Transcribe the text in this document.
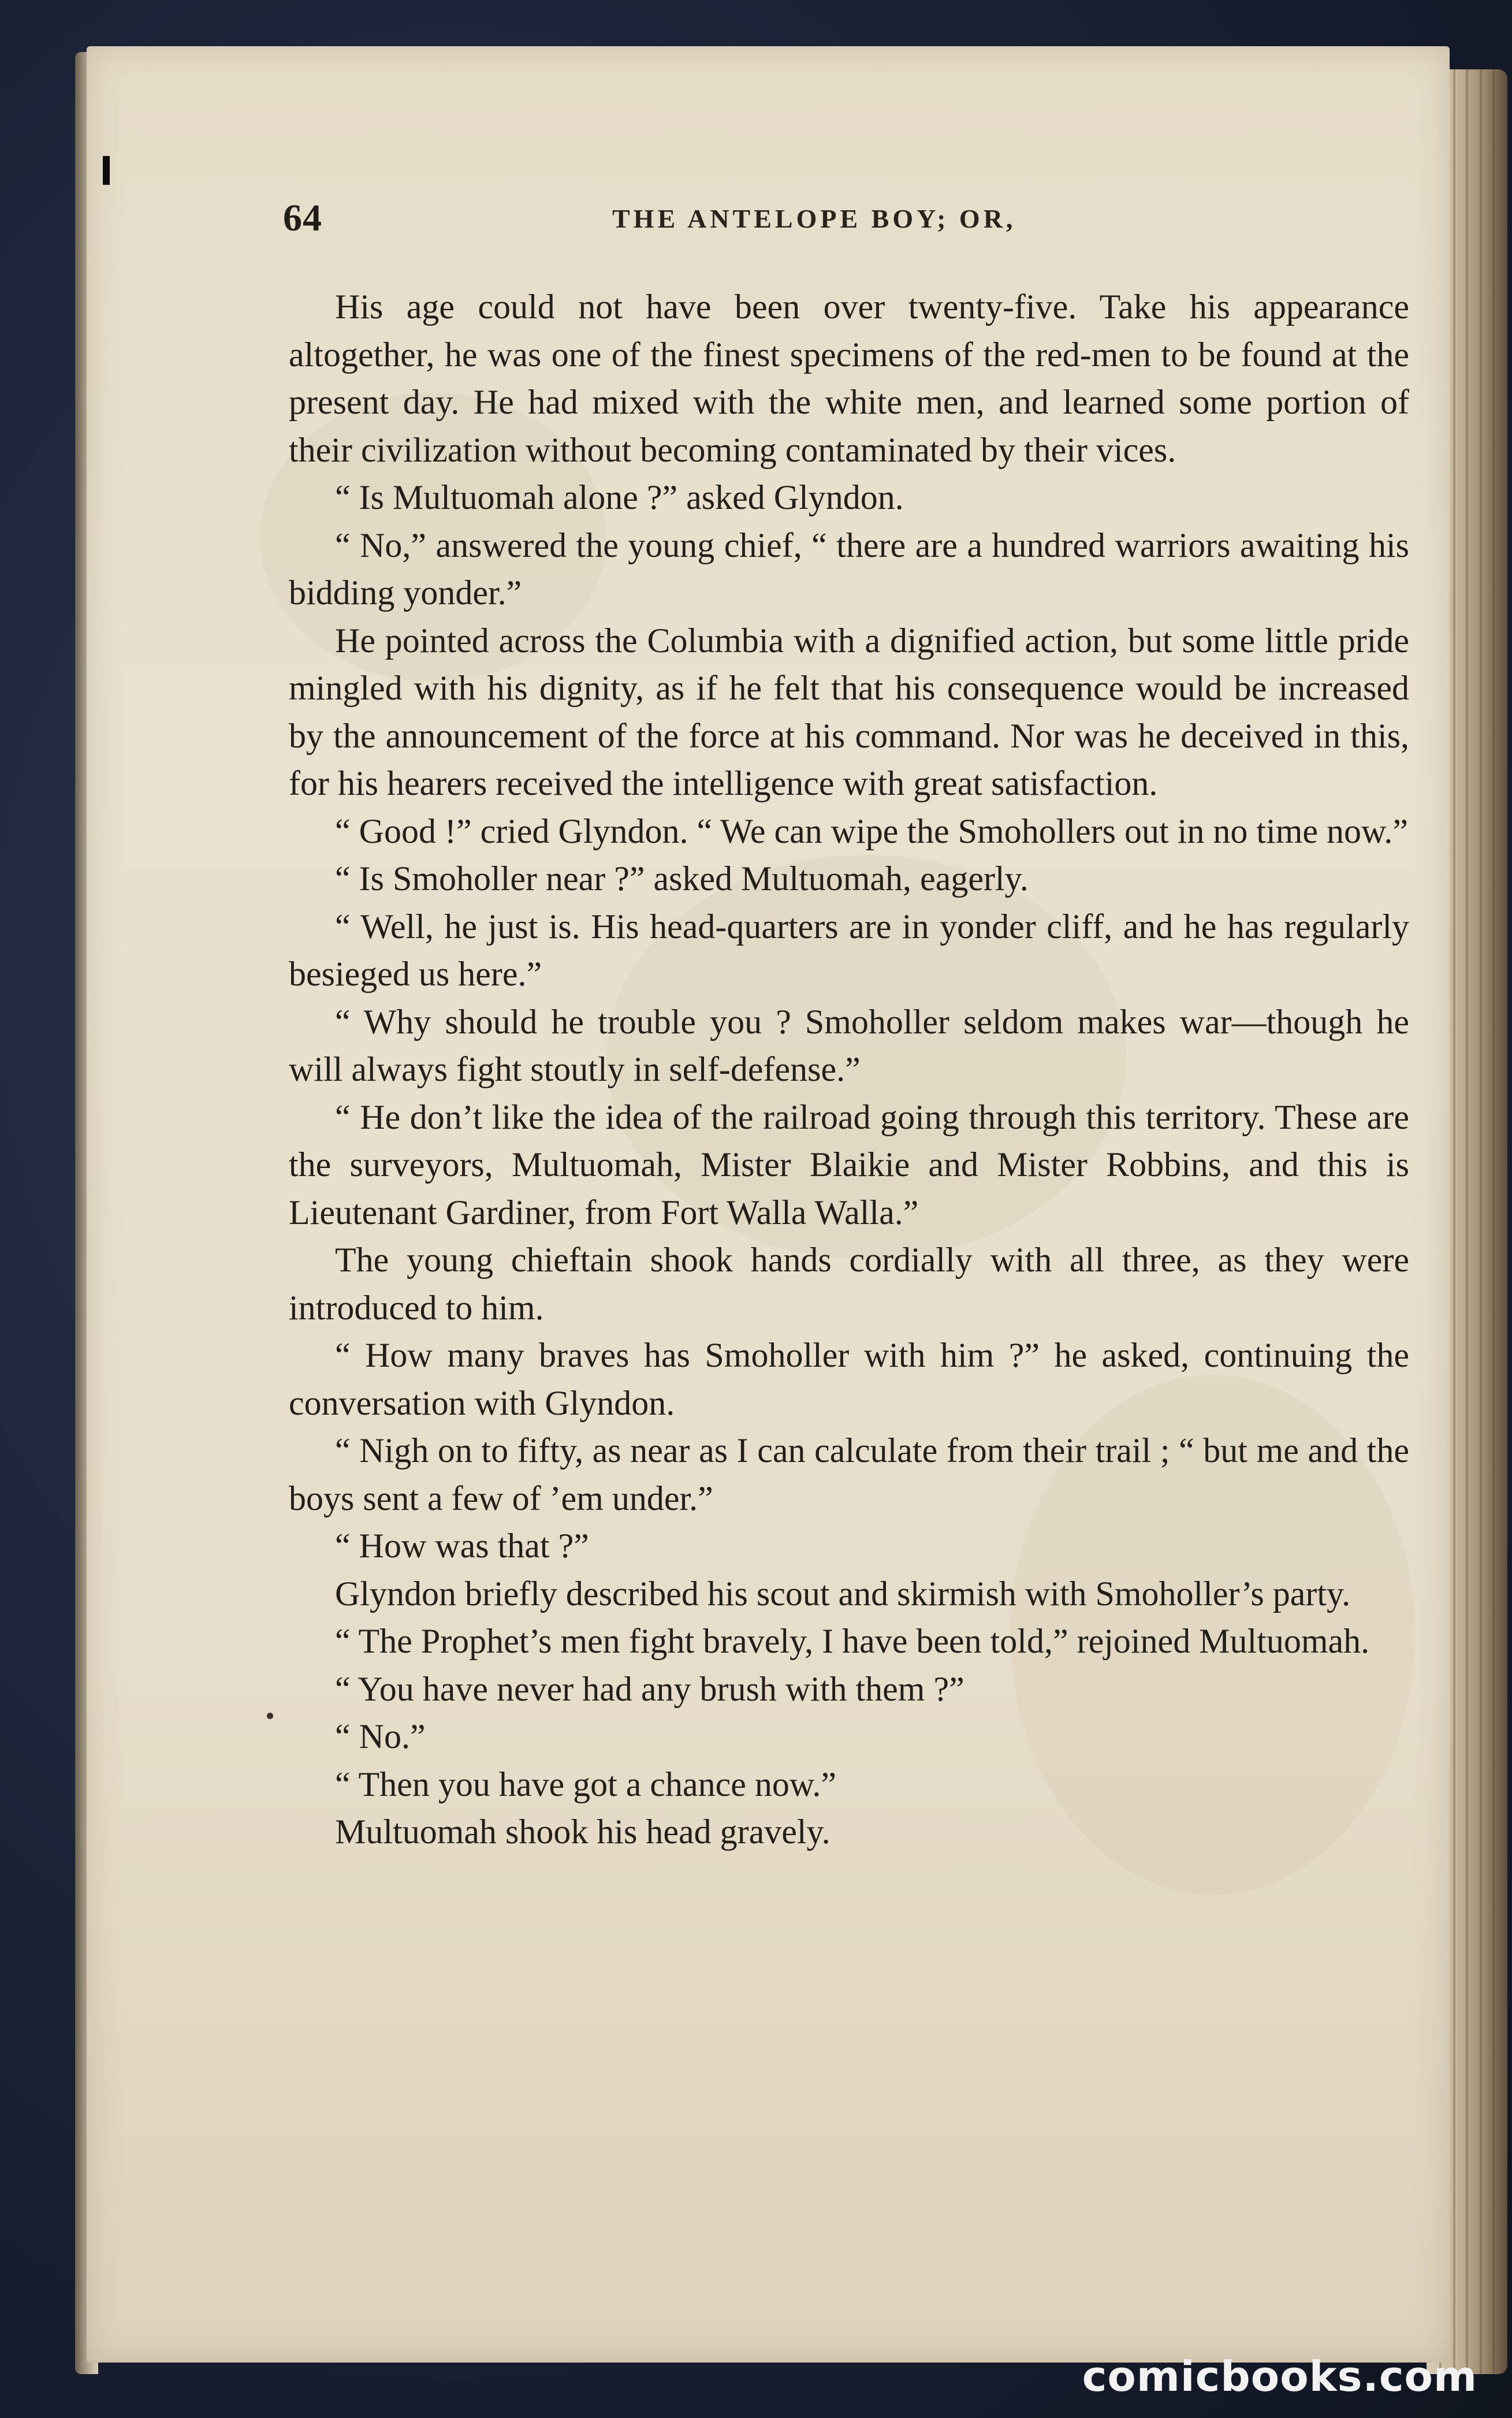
64	THE ANTELOPE BOY; OR,

His age could not have been over twenty-five. Take his appearance altogether, he was one of the finest specimens of the red-men to be found at the present day. He had mixed with the white men, and learned some portion of their civilization without becoming contaminated by their vices.

“ Is Multuomah alone ?” asked Glyndon.

“ No,” answered the young chief, “ there are a hundred warriors awaiting his bidding yonder.”

He pointed across the Columbia with a dignified action, but some little pride mingled with his dignity, as if he felt that his consequence would be increased by the announcement of the force at his command. Nor was he deceived in this, for his hearers received the intelligence with great satisfaction.

“ Good !” cried Glyndon. “ We can wipe the Smohollers out in no time now.”

“ Is Smoholler near ?” asked Multuomah, eagerly.

“ Well, he just is. His head-quarters are in yonder cliff, and he has regularly besieged us here.”

“ Why should he trouble you ? Smoholler seldom makes war—though he will always fight stoutly in self-defense.”

“ He don’t like the idea of the railroad going through this territory. These are the surveyors, Multuomah, Mister Blaikie and Mister Robbins, and this is Lieutenant Gardiner, from Fort Walla Walla.”

The young chieftain shook hands cordially with all three, as they were introduced to him.

“ How many braves has Smoholler with him ?” he asked, continuing the conversation with Glyndon.

“ Nigh on to fifty, as near as I can calculate from their trail ; “ but me and the boys sent a few of ’em under.”

“ How was that ?”

Glyndon briefly described his scout and skirmish with Smoholler’s party.

“ The Prophet’s men fight bravely, I have been told,” rejoined Multuomah.

“ You have never had any brush with them ?”

“ No.”

“ Then you have got a chance now.”

Multuomah shook his head gravely.

comicbooks.com
